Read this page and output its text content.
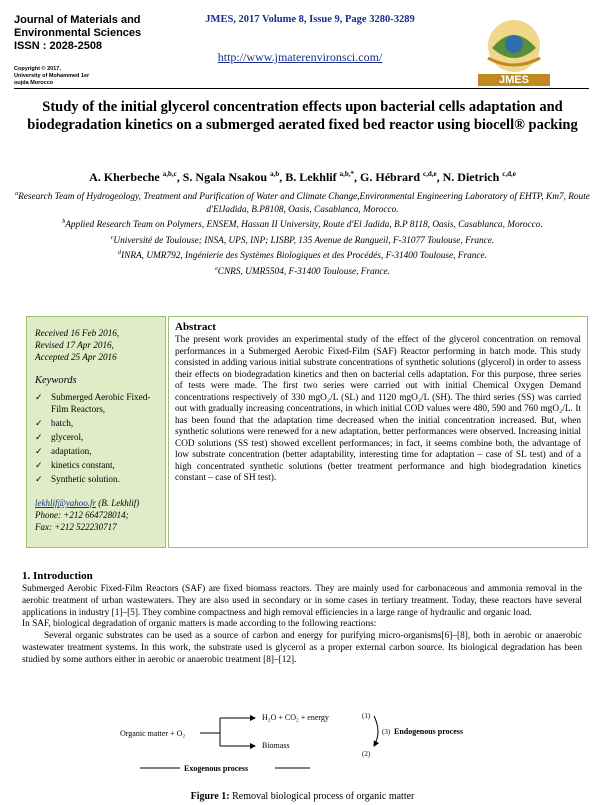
Journal of Materials and
Environmental Sciences
ISSN : 2028-2508
Copyright © 2017,
University of Mohammed 1er
oujda Morocco
JMES, 2017 Volume 8, Issue 9, Page 3280-3289
http://www.jmaterenvironsci.com/
JMES
Study of the initial glycerol concentration effects upon bacterial cells adaptation and biodegradation kinetics on a submerged aerated fixed bed reactor using biocell® packing
A. Kherbeche $^{a,b,c}$, S. Ngala Nsakou $^{a,b}$, B. Lekhlif $^{a,b,*}$, G. Hébrard $^{c,d,e}$, N. Dietrich $^{c,d,e}$
$^a$Research Team of Hydrogeology, Treatment and Purification of Water and Climate Change,Environmental Engineering Laboratory of EHTP, Km7, Route d'ElJadida, B.P8108, Oasis, Casablanca, Morocco.
$^b$Applied Research Team on Polymers, ENSEM, Hassan II University, Route d'El Jadida, B.P 8118, Oasis, Casablanca, Morocco.
$^c$Université de Toulouse; INSA, UPS, INP; LISBP, 135 Avenue de Rangueil, F-31077 Toulouse, France.
$^d$INRA, UMR792, Ingénierie des Systèmes Biologiques et des Procédés, F-31400 Toulouse, France.
$^e$CNRS, UMR5504, F-31400 Toulouse, France.
Received 16 Feb 2016,
Revised 17 Apr 2016,
Accepted 25 Apr 2016
Keywords
✓ Submerged Aerobic Fixed-Film Reactors,
✓ batch,
✓ glycerol,
✓ adaptation,
✓ kinetics constant,
✓ Synthetic solution.
lekhlif@yahoo.fr (B. Lekhlif)
Phone: +212 664728014;
Fax: +212 522230717
Abstract

The present work provides an experimental study of the effect of the glycerol concentration on removal performances in a Submerged Aerobic Fixed-Film (SAF) Reactor performing in batch mode. This study consisted in adding various initial substrate concentrations of synthetic solutions (glycerol) in order to assess their effects on biodegradation kinetics and then on bacterial cells adaptation. For this purpose, three series of tests were made. The first two series were carried out with initial Chemical Oxygen Demand concentrations respectively of 330 mgO₂/L (SL) and 1120 mgO₂/L (SH). The third series (SS) was carried out with gradually increasing concentrations, in which initial COD values were 480, 590 and 760 mgO₂/L. It has been found that the adaptation time decreased when the initial concentration increased. But, when synthetic solutions were renewed for a new adaptation, better performances were observed. Increasing initial COD solutions (SS test) showed excellent performances; in fact, it seems combine both, the advantage of low substrate concentration (better adaptability, interesting time for adaptation – case of SL test) and of a high concentrated synthetic solutions (better treatment performance and high biodegradation kinetics constant – case of SH test).

1. Introduction

Submerged Aerobic Fixed-Film Reactors (SAF) are fixed biomass reactors. They are mainly used for carbonaceous and ammonia removal in the aerobic treatment of urban wastewaters. They are also used in secondary or in some cases in tertiary treatment. Today, these reactors have several applications in industry [1]–[5]. They combine compactness and high removal efficiencies in a large range of hydraulic and organic load.

In SAF, biological degradation of organic matters is made according to the following reactions:

Several organic substrates can be used as a source of carbon and energy for purifying micro-organisms[6]–[8], both in aerobic or anaerobic wastewater treatment systems. In this work, the substrate used is glycerol as a proper external carbon source. Its biological degradation has been studied by some authors either in aerobic or anaerobic treatment [8]–[12].

Organic matter + O₂
H₂O + CO₂ + energy
Biomass
(1)
(2)
(3) Endogenous process
Exogenous process
Figure 1: Removal biological process of organic matter
